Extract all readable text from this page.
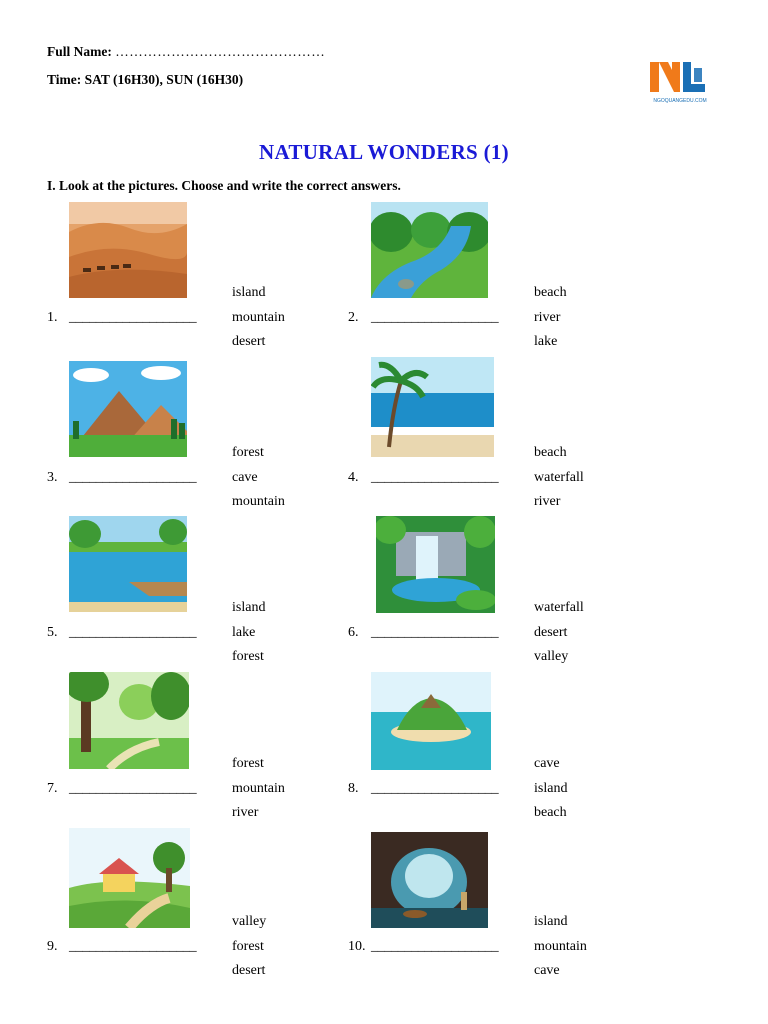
Full Name: ………………………………………
Time: SAT (16H30), SUN (16H30)
NGOQUANGEDU.COM
NATURAL WONDERS (1)
I. Look at the pictures. Choose and write the correct answers.
1. ___________________
island
mountain
desert
2. ___________________
beach
river
lake
3. ___________________
forest
cave
mountain
4. ___________________
beach
waterfall
river
5. ___________________
island
lake
forest
6. ___________________
waterfall
desert
valley
7. ___________________
forest
mountain
river
8. ___________________
cave
island
beach
9. ___________________
valley
forest
desert
10. ___________________
island
mountain
cave
